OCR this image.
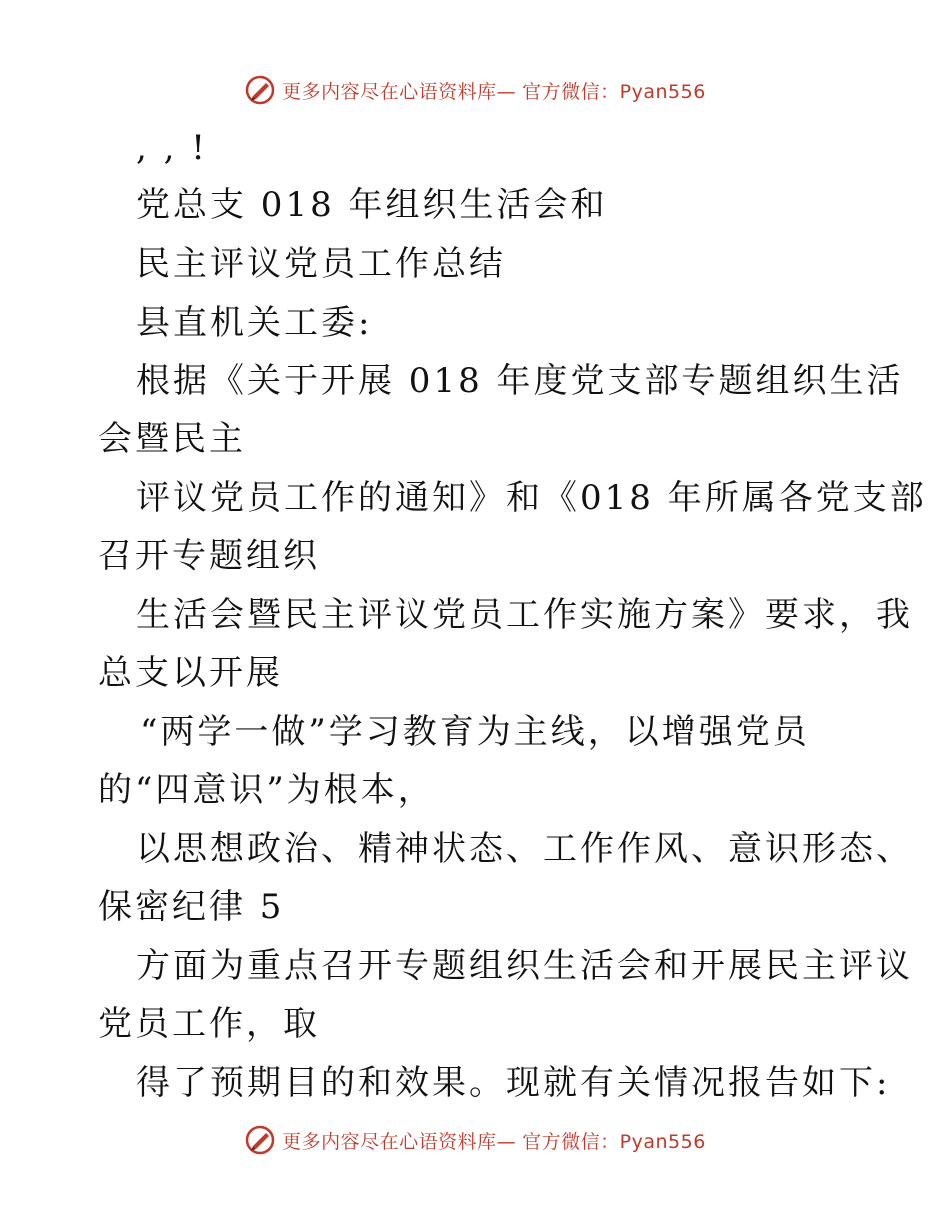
更多内容尽在心语资料库— 官方微信：Pyan556
, , !
党总支 018 年组织生活会和
民主评议党员工作总结
县直机关工委:
根据《关于开展 018 年度党支部专题组织生活
会暨民主
评议党员工作的通知》和《018 年所属各党支部
召开专题组织
生活会暨民主评议党员工作实施方案》要求，我
总支以开展
“两学一做”学习教育为主线，以增强党员
的“四意识”为根本，
以思想政治、精神状态、工作作风、意识形态、
保密纪律 5
方面为重点召开专题组织生活会和开展民主评议
党员工作，取
得了预期目的和效果。现就有关情况报告如下:
更多内容尽在心语资料库— 官方微信：Pyan556
